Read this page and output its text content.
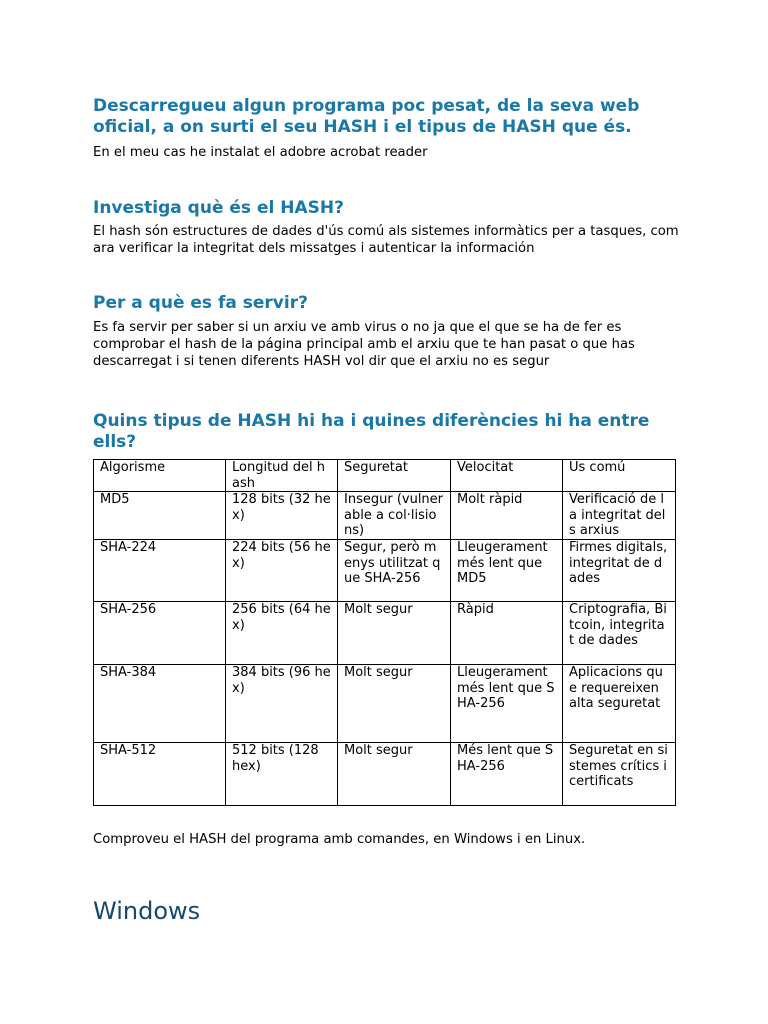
Descarregueu algun programa poc pesat, de la seva web oficial, a on surti el seu HASH i el tipus de HASH que és.

En el meu cas he instalat el adobre acrobat reader

Investiga què és el HASH?

El hash són estructures de dades d'ús comú als sistemes informàtics per a tasques, com ara verificar la integritat dels missatges i autenticar la información

Per a què es fa servir?

Es fa servir per saber si un arxiu ve amb virus o no ja que el que se ha de fer es comprobar el hash de la página principal amb el arxiu que te han pasat o que has descarregat i si tenen diferents HASH vol dir que el arxiu no es segur

Quins tipus de HASH hi ha i quines diferències hi ha entre ells?
Algorisme	Longitud del hash	Seguretat	Velocitat	Us comú
MD5	128 bits (32 hex)	Insegur (vulnerable a col·lisions)	Molt ràpid	Verificació de la integritat dels arxius
SHA-224	224 bits (56 hex)	Segur, però menys utilitzat que SHA-256	Lleugerament més lent que MD5	Firmes digitals, integritat de dades
SHA-256	256 bits (64 hex)	Molt segur	Ràpid	Criptografia, Bitcoin, integritat de dades
SHA-384	384 bits (96 hex)	Molt segur	Lleugerament més lent que SHA-256	Aplicacions que requereixen alta seguretat
SHA-512	512 bits (128 hex)	Molt segur	Més lent que SHA-256	Seguretat en sistemes crítics i certificats

Comproveu el HASH del programa amb comandes, en Windows i en Linux.

Windows
